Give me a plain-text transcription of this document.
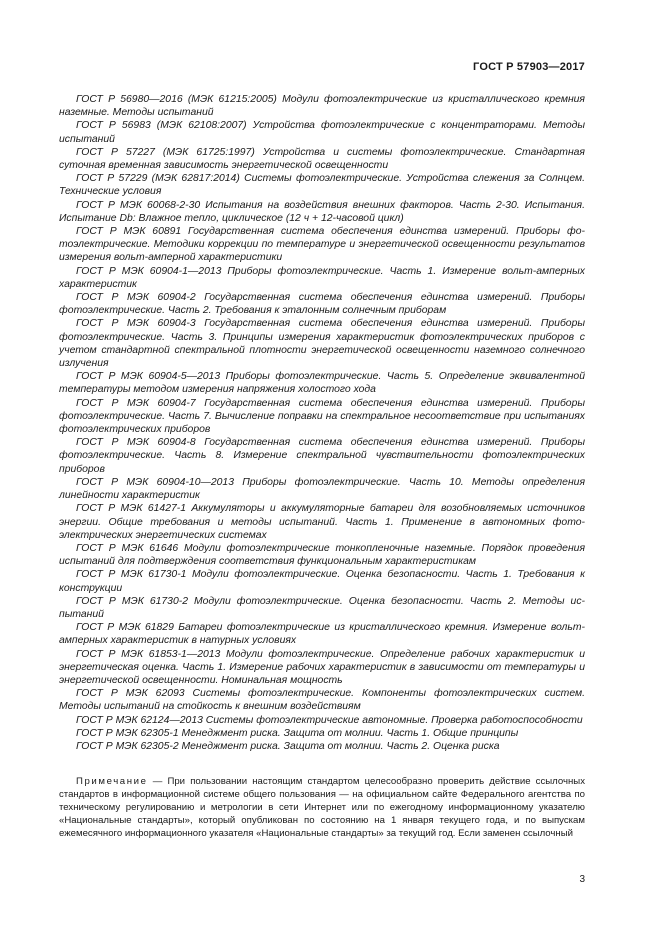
ГОСТ Р 57903—2017

ГОСТ Р 56980—2016 (МЭК 61215:2005) Модули фотоэлектрические из кристаллического кремния наземные. Методы испытаний

ГОСТ Р 56983 (МЭК 62108:2007) Устройства фотоэлектрические с концентраторами. Методы испытаний

ГОСТ Р 57227 (МЭК 61725:1997) Устройства и системы фотоэлектрические. Стандартная суточная временная зависимость энергетической освещенности

ГОСТ Р 57229 (МЭК 62817:2014) Системы фотоэлектрические. Устройства слежения за Солнцем. Технические условия

ГОСТ Р МЭК 60068-2-30 Испытания на воздействия внешних факторов. Часть 2-30. Испытания. Испытание Db: Влажное тепло, циклическое (12 ч + 12-часовой цикл)

ГОСТ Р МЭК 60891 Государственная система обеспечения единства измерений. Приборы фотоэлектрические. Методики коррекции по температуре и энергетической освещенности результатов измерения вольт-амперной характеристики

ГОСТ Р МЭК 60904-1—2013 Приборы фотоэлектрические. Часть 1. Измерение вольт-амперных характеристик

ГОСТ Р МЭК 60904-2 Государственная система обеспечения единства измерений. Приборы фотоэлектрические. Часть 2. Требования к эталонным солнечным приборам

ГОСТ Р МЭК 60904-3 Государственная система обеспечения единства измерений. Приборы фотоэлектрические. Часть 3. Принципы измерения характеристик фотоэлектрических приборов с учетом стандартной спектральной плотности энергетической освещенности наземного солнечного излучения

ГОСТ Р МЭК 60904-5—2013 Приборы фотоэлектрические. Часть 5. Определение эквивалентной температуры методом измерения напряжения холостого хода

ГОСТ Р МЭК 60904-7 Государственная система обеспечения единства измерений. Приборы фотоэлектрические. Часть 7. Вычисление поправки на спектральное несоответствие при испытаниях фотоэлектрических приборов

ГОСТ Р МЭК 60904-8 Государственная система обеспечения единства измерений. Приборы фотоэлектрические. Часть 8. Измерение спектральной чувствительности фотоэлектрических приборов

ГОСТ Р МЭК 60904-10—2013 Приборы фотоэлектрические. Часть 10. Методы определения линейности характеристик

ГОСТ Р МЭК 61427-1 Аккумуляторы и аккумуляторные батареи для возобновляемых источников энергии. Общие требования и методы испытаний. Часть 1. Применение в автономных фотоэлектрических энергетических системах

ГОСТ Р МЭК 61646 Модули фотоэлектрические тонкопленочные наземные. Порядок проведения испытаний для подтверждения соответствия функциональным характеристикам

ГОСТ Р МЭК 61730-1 Модули фотоэлектрические. Оценка безопасности. Часть 1. Требования к конструкции

ГОСТ Р МЭК 61730-2 Модули фотоэлектрические. Оценка безопасности. Часть 2. Методы испытаний

ГОСТ Р МЭК 61829 Батареи фотоэлектрические из кристаллического кремния. Измерение вольт-амперных характеристик в натурных условиях

ГОСТ Р МЭК 61853-1—2013 Модули фотоэлектрические. Определение рабочих характеристик и энергетическая оценка. Часть 1. Измерение рабочих характеристик в зависимости от температуры и энергетической освещенности. Номинальная мощность

ГОСТ Р МЭК 62093 Системы фотоэлектрические. Компоненты фотоэлектрических систем. Методы испытаний на стойкость к внешним воздействиям

ГОСТ Р МЭК 62124—2013 Системы фотоэлектрические автономные. Проверка работоспособности

ГОСТ Р МЭК 62305-1 Менеджмент риска. Защита от молнии. Часть 1. Общие принципы

ГОСТ Р МЭК 62305-2 Менеджмент риска. Защита от молнии. Часть 2. Оценка риска

Примечание — При пользовании настоящим стандартом целесообразно проверить действие ссылочных стандартов в информационной системе общего пользования — на официальном сайте Федерального агентства по техническому регулированию и метрологии в сети Интернет или по ежегодному информационному указателю «Национальные стандарты», который опубликован по состоянию на 1 января текущего года, и по выпускам ежемесячного информационного указателя «Национальные стандарты» за текущий год. Если заменен ссылочный

3
